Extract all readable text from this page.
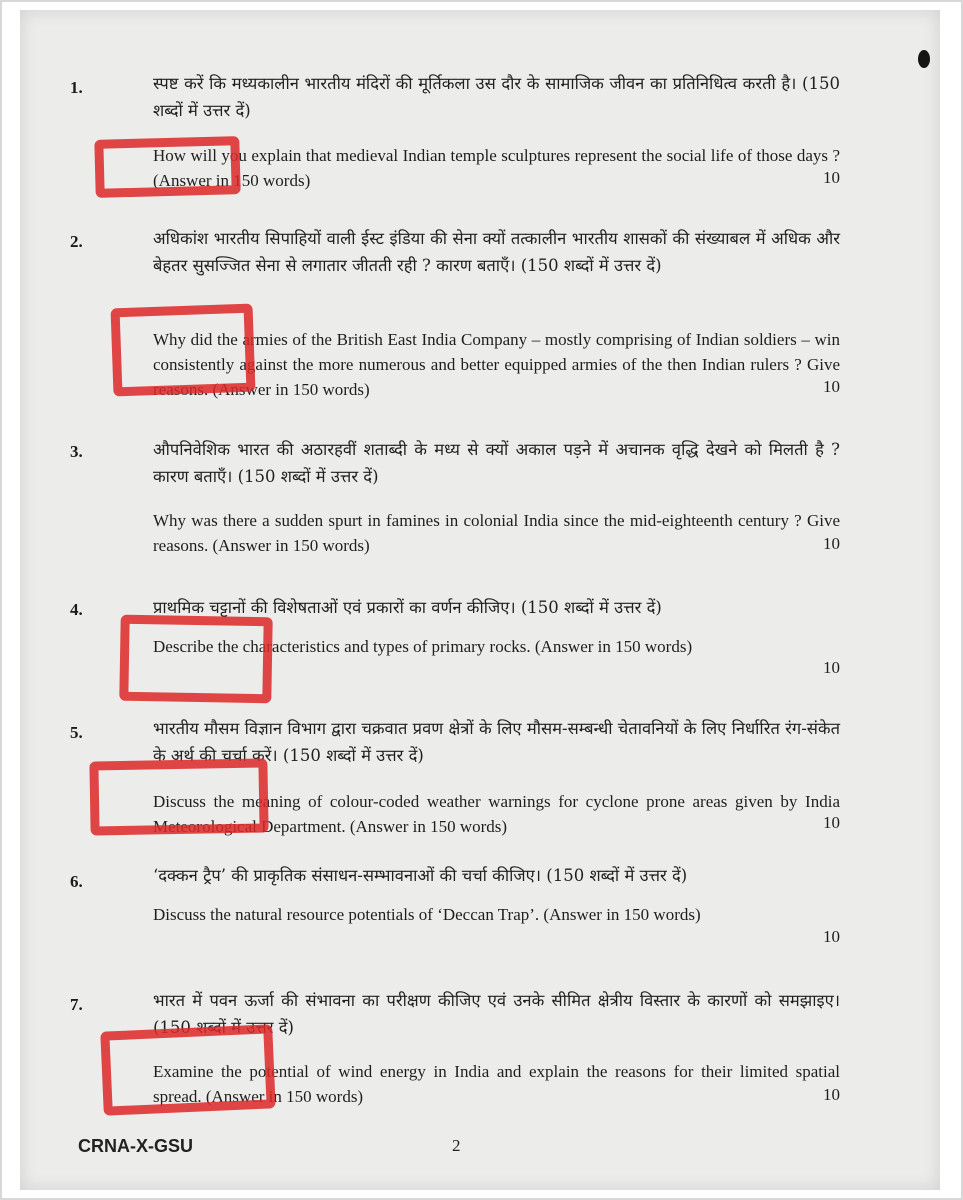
1.	स्पष्ट करें कि मध्यकालीन भारतीय मंदिरों की मूर्तिकला उस दौर के सामाजिक जीवन का प्रतिनिधित्व करती है। (150 शब्दों में उत्तर दें)

How will you explain that medieval Indian temple sculptures represent the social life of those days ? (Answer in 150 words)	10
2.	अधिकांश भारतीय सिपाहियों वाली ईस्ट इंडिया की सेना क्यों तत्कालीन भारतीय शासकों की संख्याबल में अधिक और बेहतर सुसज्जित सेना से लगातार जीतती रही ? कारण बताएँ। (150 शब्दों में उत्तर दें)

Why did the armies of the British East India Company – mostly comprising of Indian soldiers – win consistently against the more numerous and better equipped armies of the then Indian rulers ? Give reasons. (Answer in 150 words)	10
3.	औपनिवेशिक भारत की अठारहवीं शताब्दी के मध्य से क्यों अकाल पड़ने में अचानक वृद्धि देखने को मिलती है ? कारण बताएँ। (150 शब्दों में उत्तर दें)

Why was there a sudden spurt in famines in colonial India since the mid-eighteenth century ? Give reasons. (Answer in 150 words)	10
4.	प्राथमिक चट्टानों की विशेषताओं एवं प्रकारों का वर्णन कीजिए। (150 शब्दों में उत्तर दें)

Describe the characteristics and types of primary rocks. (Answer in 150 words)

10
5.	भारतीय मौसम विज्ञान विभाग द्वारा चक्रवात प्रवण क्षेत्रों के लिए मौसम-सम्बन्धी चेतावनियों के लिए निर्धारित रंग-संकेत के अर्थ की चर्चा करें। (150 शब्दों में उत्तर दें)

Discuss the meaning of colour-coded weather warnings for cyclone prone areas given by India Meteorological Department. (Answer in 150 words)	10
6.	‘दक्कन ट्रैप’ की प्राकृतिक संसाधन-सम्भावनाओं की चर्चा कीजिए। (150 शब्दों में उत्तर दें)

Discuss the natural resource potentials of ‘Deccan Trap’. (Answer in 150 words)

10
7.	भारत में पवन ऊर्जा की संभावना का परीक्षण कीजिए एवं उनके सीमित क्षेत्रीय विस्तार के कारणों को समझाइए। (150 शब्दों में उत्तर दें)

Examine the potential of wind energy in India and explain the reasons for their limited spatial spread. (Answer in 150 words)	10
CRNA-X-GSU	2
